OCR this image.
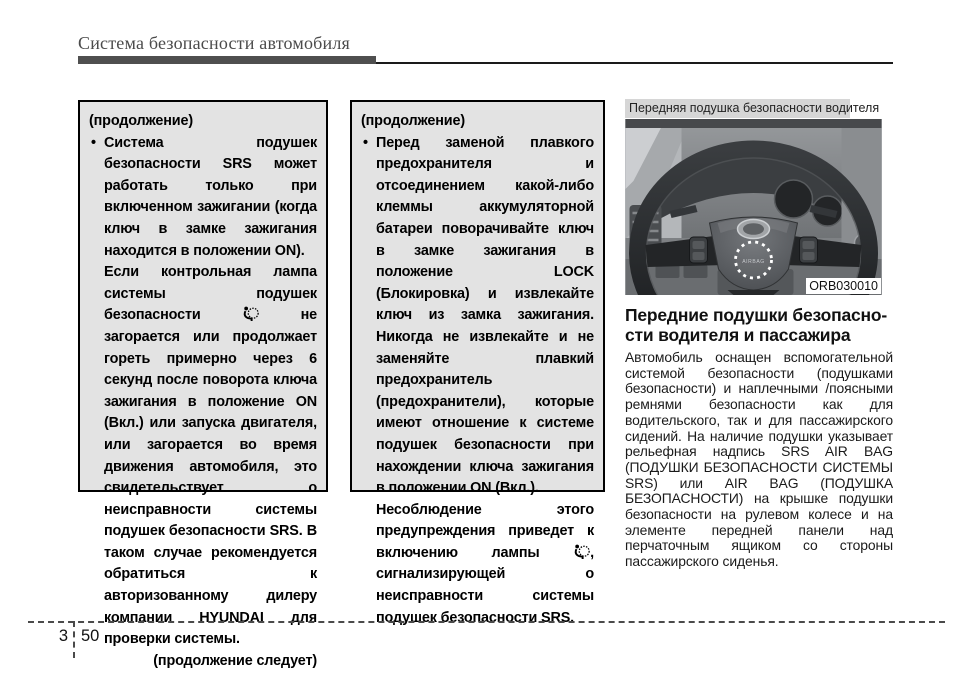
Система безопасности автомобиля
(продолжение)
• Система подушек безопасности SRS может работать только при включенном зажигании (когда ключ в замке зажигания находится в положении ON).
Если контрольная лампа системы подушек безопасности	не загорается или продолжает гореть примерно через 6 секунд после поворота ключа зажигания в положение ON (Вкл.) или запуска двигателя, или загорается во время движения автомобиля, это свидетельствует о неисправности системы подушек безопасности SRS. В таком случае рекомендуется обратиться к авторизованному дилеру компании HYUNDAI для проверки системы.
(продолжение следует)
(продолжение)
• Перед заменой плавкого предохранителя и отсоединением какой-либо клеммы аккумуляторной батареи поворачивайте ключ в замке зажигания в положение LOCK (Блокировка) и извлекайте ключ из замка зажигания. Никогда не извлекайте и не заменяйте плавкий предохранитель (предохранители), которые имеют отношение к системе подушек безопасности при нахождении ключа зажигания в положении ON (Вкл.).
Несоблюдение этого предупреждения приведет к включению лампы	, сигнализирующей о неисправности системы подушек безопасности SRS.
Передняя подушка безопасности водителя
AIRBAG
ORB030010
Передние подушки безопасно-
сти водителя и пассажира
Автомобиль оснащен вспомогательной системой безопасности (подушками безопасности) и наплечными /поясными ремнями безопасности как для водительского, так и для пассажирского сидений. На наличие подушки указывает рельефная надпись SRS AIR BAG (ПОДУШКИ БЕЗОПАСНОСТИ СИСТЕМЫ SRS) или AIR BAG (ПОДУШКА БЕЗОПАСНОСТИ) на крышке подушки безопасности на рулевом колесе и на элементе передней панели над перчаточным ящиком со стороны пассажирского сиденья.
3 50
